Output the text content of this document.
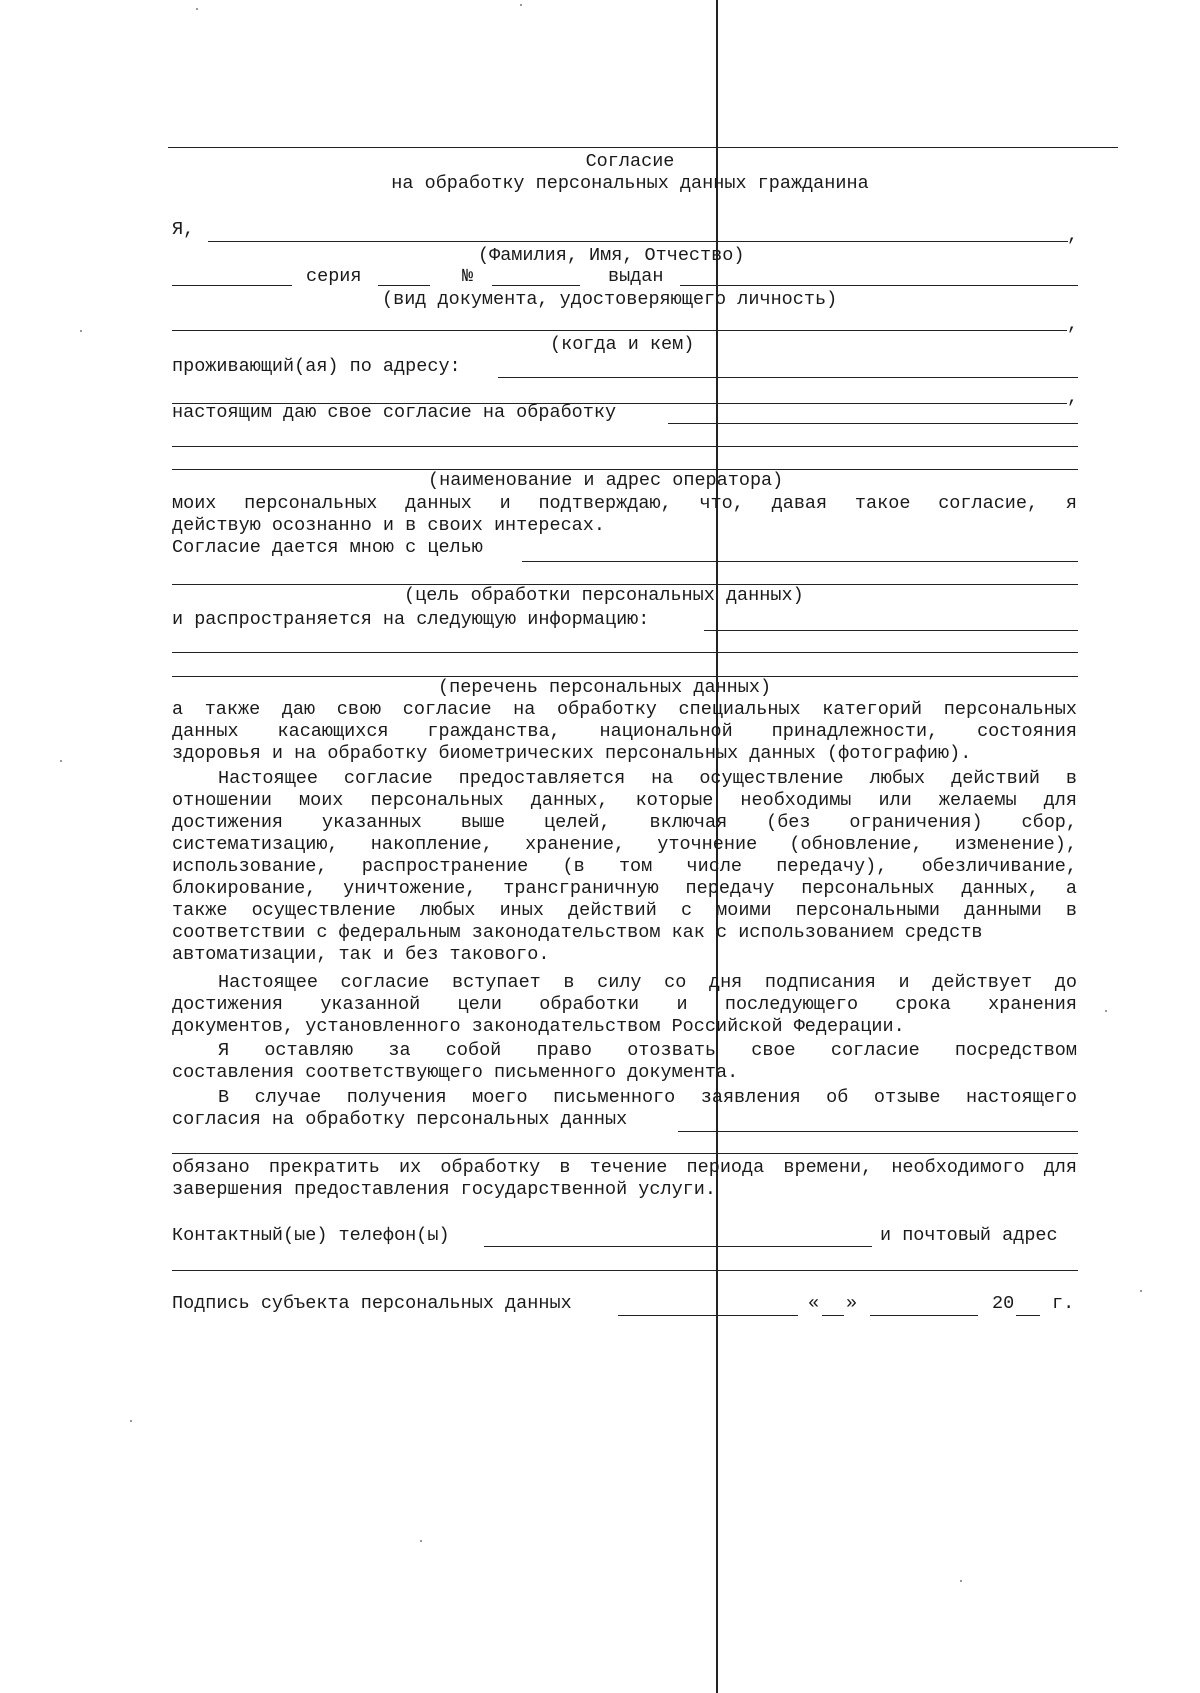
Согласие
на обработку персональных данных гражданина
Я,	,
(Фамилия, Имя, Отчество)
серия	№	выдан
(вид документа, удостоверяющего личность)
,
(когда и кем)
проживающий(ая) по адресу:
,
настоящим даю свое согласие на обработку
(наименование и адрес оператора)
моих персональных данных и подтверждаю, что, давая такое согласие, я
действую осознанно и в своих интересах.
Согласие дается мною с целью
(цель обработки персональных данных)
и распространяется на следующую информацию:
(перечень персональных данных)
а также даю свою согласие на обработку специальных категорий персональных
данных касающихся гражданства, национальной принадлежности, состояния
здоровья и на обработку биометрических персональных данных (фотографию).
Настоящее согласие предоставляется на осуществление любых действий в
отношении моих персональных данных, которые необходимы или желаемы для
достижения указанных выше целей, включая (без ограничения) сбор,
систематизацию, накопление, хранение, уточнение (обновление, изменение),
использование, распространение (в том числе передачу), обезличивание,
блокирование, уничтожение, трансграничную передачу персональных данных, а
также осуществление любых иных действий с моими персональными данными в
соответствии с федеральным законодательством как с использованием средств
автоматизации, так и без такового.
Настоящее согласие вступает в силу со дня подписания и действует до
достижения указанной цели обработки и последующего срока хранения
документов, установленного законодательством Российской Федерации.
Я оставляю за собой право отозвать свое согласие посредством
составления соответствующего письменного документа.
В случае получения моего письменного заявления об отзыве настоящего
согласия на обработку персональных данных
обязано прекратить их обработку в течение периода времени, необходимого для
завершения предоставления государственной услуги.
Контактный(ые) телефон(ы)	и почтовый адрес
Подпись субъекта персональных данных	« »	20 г.
